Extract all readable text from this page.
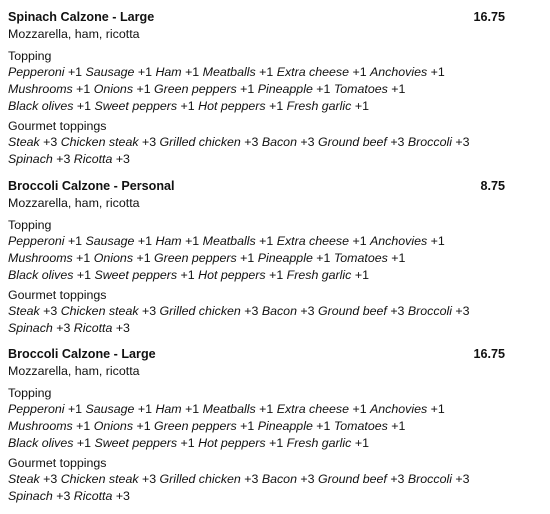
Spinach Calzone - Large	16.75
Mozzarella, ham, ricotta
Topping
Pepperoni +1 Sausage +1 Ham +1 Meatballs +1 Extra cheese +1 Anchovies +1
Mushrooms +1 Onions +1 Green peppers +1 Pineapple +1 Tomatoes +1
Black olives +1 Sweet peppers +1 Hot peppers +1 Fresh garlic +1
Gourmet toppings
Steak +3 Chicken steak +3 Grilled chicken +3 Bacon +3 Ground beef +3 Broccoli +3
Spinach +3 Ricotta +3
Broccoli Calzone - Personal	8.75
Mozzarella, ham, ricotta
Topping
Pepperoni +1 Sausage +1 Ham +1 Meatballs +1 Extra cheese +1 Anchovies +1
Mushrooms +1 Onions +1 Green peppers +1 Pineapple +1 Tomatoes +1
Black olives +1 Sweet peppers +1 Hot peppers +1 Fresh garlic +1
Gourmet toppings
Steak +3 Chicken steak +3 Grilled chicken +3 Bacon +3 Ground beef +3 Broccoli +3
Spinach +3 Ricotta +3
Broccoli Calzone - Large	16.75
Mozzarella, ham, ricotta
Topping
Pepperoni +1 Sausage +1 Ham +1 Meatballs +1 Extra cheese +1 Anchovies +1
Mushrooms +1 Onions +1 Green peppers +1 Pineapple +1 Tomatoes +1
Black olives +1 Sweet peppers +1 Hot peppers +1 Fresh garlic +1
Gourmet toppings
Steak +3 Chicken steak +3 Grilled chicken +3 Bacon +3 Ground beef +3 Broccoli +3
Spinach +3 Ricotta +3
